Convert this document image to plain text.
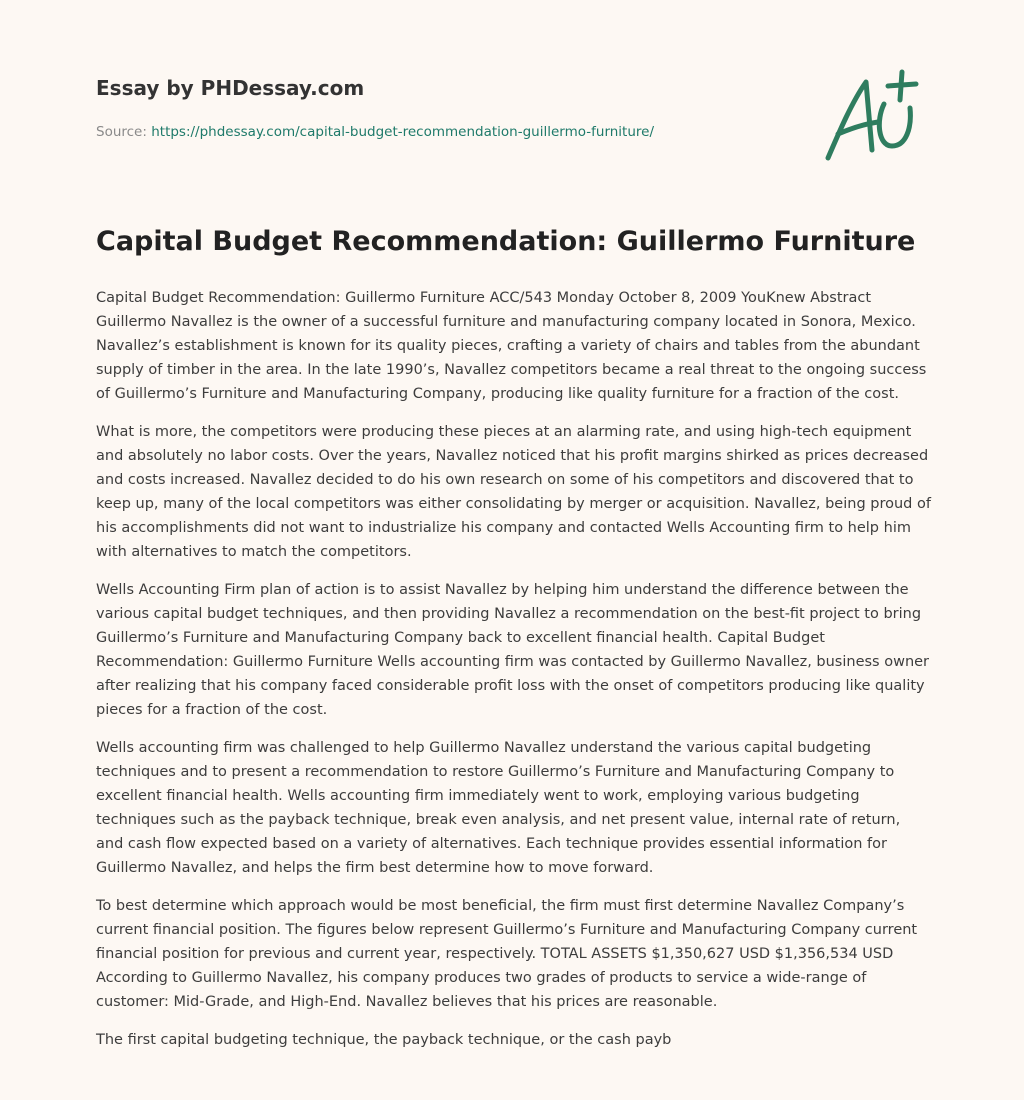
Essay by PHDessay.com
Source: https://phdessay.com/capital-budget-recommendation-guillermo-furniture/
Capital Budget Recommendation: Guillermo Furniture

Capital Budget Recommendation: Guillermo Furniture ACC/543 Monday October 8, 2009 YouKnew Abstract Guillermo Navallez is the owner of a successful furniture and manufacturing company located in Sonora, Mexico. Navallez’s establishment is known for its quality pieces, crafting a variety of chairs and tables from the abundant supply of timber in the area. In the late 1990’s, Navallez competitors became a real threat to the ongoing success of Guillermo’s Furniture and Manufacturing Company, producing like quality furniture for a fraction of the cost.

What is more, the competitors were producing these pieces at an alarming rate, and using high-tech equipment and absolutely no labor costs. Over the years, Navallez noticed that his profit margins shirked as prices decreased and costs increased. Navallez decided to do his own research on some of his competitors and discovered that to keep up, many of the local competitors was either consolidating by merger or acquisition. Navallez, being proud of his accomplishments did not want to industrialize his company and contacted Wells Accounting firm to help him with alternatives to match the competitors.

Wells Accounting Firm plan of action is to assist Navallez by helping him understand the difference between the various capital budget techniques, and then providing Navallez a recommendation on the best-fit project to bring Guillermo’s Furniture and Manufacturing Company back to excellent financial health. Capital Budget Recommendation: Guillermo Furniture Wells accounting firm was contacted by Guillermo Navallez, business owner after realizing that his company faced considerable profit loss with the onset of competitors producing like quality pieces for a fraction of the cost.

Wells accounting firm was challenged to help Guillermo Navallez understand the various capital budgeting techniques and to present a recommendation to restore Guillermo’s Furniture and Manufacturing Company to excellent financial health. Wells accounting firm immediately went to work, employing various budgeting techniques such as the payback technique, break even analysis, and net present value, internal rate of return, and cash flow expected based on a variety of alternatives. Each technique provides essential information for Guillermo Navallez, and helps the firm best determine how to move forward.

To best determine which approach would be most beneficial, the firm must first determine Navallez Company’s current financial position. The figures below represent Guillermo’s Furniture and Manufacturing Company current financial position for previous and current year, respectively. TOTAL ASSETS $1,350,627 USD $1,356,534 USD According to Guillermo Navallez, his company produces two grades of products to service a wide-range of customer: Mid-Grade, and High-End. Navallez believes that his prices are reasonable.

The first capital budgeting technique, the payback technique, or the cash payb
